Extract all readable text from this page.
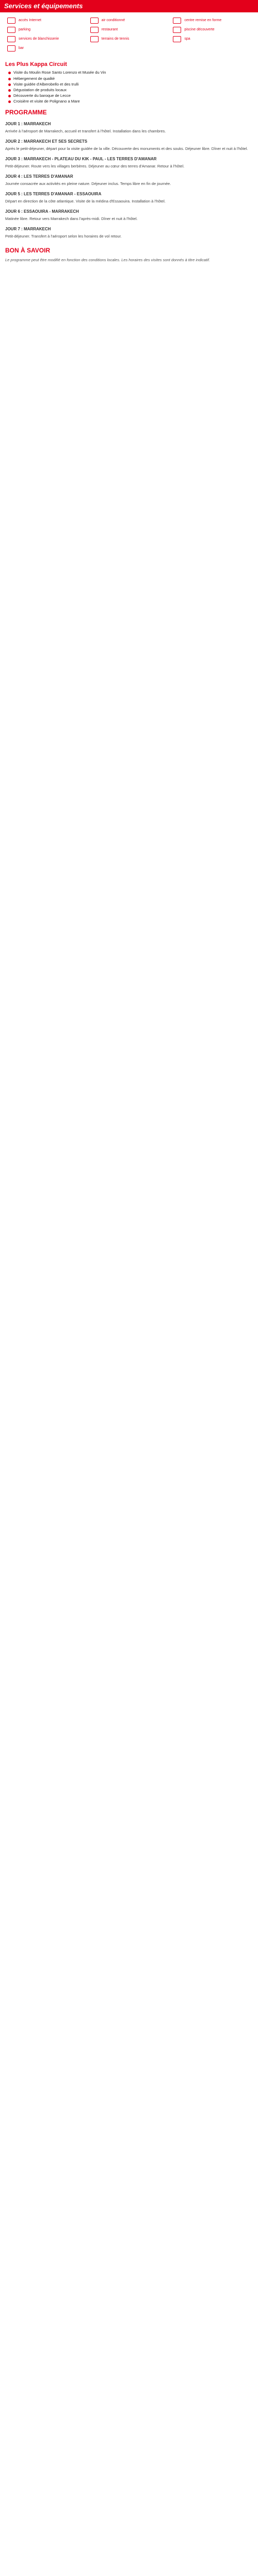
Services et équipements
accès Internet	air conditionné	centre remise en forme
parking	restaurant	piscine découverte
services de blanchisserie	terrains de tennis	spa
bar
Les Plus Kappa Circuit
Visite du Moulin Rose Santo Lorenzo et Musée du Vin
Hébergement de qualité
Visite guidée d'Alberobello et des trulli
Dégustation de produits locaux
Découverte du baroque de Lecce
Croisière et visite de Polignano a Mare
PROGRAMME
JOUR 1 : MARRAKECH
Arrivée à l'aéroport de Marrakech, accueil et transfert à l'hôtel. Installation dans les chambres.
JOUR 2 : MARRAKECH ET SES SECRETS
Après le petit-déjeuner, départ pour la visite guidée de la ville. Découverte des monuments et des souks. Déjeuner libre. Dîner et nuit à l'hôtel.
JOUR 3 : MARRAKECH - PLATEAU DU KIK - PAUL - LES TERRES D'AMANAR
Petit-déjeuner. Route vers les villages berbères. Déjeuner au cœur des terres d'Amanar. Retour à l'hôtel.
JOUR 4 : LES TERRES D'AMANAR
Journée consacrée aux activités en pleine nature. Déjeuner inclus. Temps libre en fin de journée.
JOUR 5 : LES TERRES D'AMANAR - ESSAOUIRA
Départ en direction de la côte atlantique. Visite de la médina d'Essaouira. Installation à l'hôtel.
JOUR 6 : ESSAOUIRA - MARRAKECH
Matinée libre. Retour vers Marrakech dans l'après-midi. Dîner et nuit à l'hôtel.
JOUR 7 : MARRAKECH
Petit-déjeuner. Transfert à l'aéroport selon les horaires de vol retour.
BON À SAVOIR
Le programme peut être modifié en fonction des conditions locales. Les horaires des visites sont donnés à titre indicatif.
